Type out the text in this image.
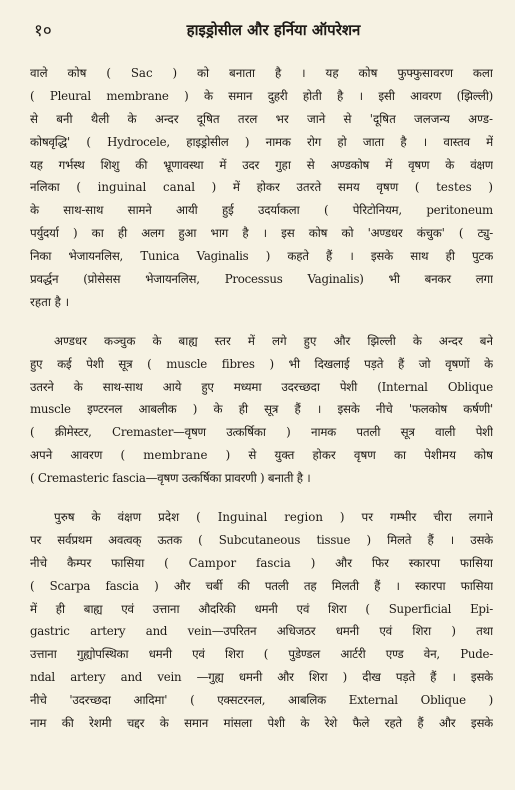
१०	हाइड्रोसील और हर्निया ऑपरेशन
वाले कोष ( Sac ) को बनाता है । यह कोष फुफ्फुसावरण कला
( Pleural membrane ) के समान दुहरी होती है । इसी आवरण (झिल्ली)
से बनी थैली के अन्दर दूषित तरल भर जाने से 'दूषित जलजन्य अण्ड-
कोषवृद्धि' ( Hydrocele, हाइड्रोसील ) नामक रोग हो जाता है । वास्तव में
यह गर्भस्थ शिशु की भ्रूणावस्था में उदर गुहा से अण्डकोष में वृषण के वंक्षण
नलिका ( inguinal canal ) में होकर उतरते समय वृषण ( testes )
के साथ-साथ सामने आयी हुई उदर्याकला ( पेरिटोनियम, peritoneum
पर्युदर्या ) का ही अलग हुआ भाग है । इस कोष को 'अण्डधर कंचुक' ( ट्यु-
निका भेजायनलिस, Tunica Vaginalis ) कहते हैं । इसके साथ ही पुटक
प्रवर्द्धन (प्रोसेसस भेजायनलिस, Processus Vaginalis) भी बनकर लगा
रहता है ।
अण्डधर कञ्चुक के बाह्य स्तर में लगे हुए और झिल्ली के अन्दर बने
हुए कई पेशी सूत्र ( muscle fibres ) भी दिखलाई पड़ते हैं जो वृषणों के
उतरने के साथ-साथ आये हुए मध्यमा उदरच्छदा पेशी (Internal Oblique
muscle इण्टरनल आबलीक ) के ही सूत्र हैं । इसके नीचे 'फलकोष कर्षणी'
( क्रीमेस्टर, Cremaster—वृषण उत्कर्षिका ) नामक पतली सूत्र वाली पेशी
अपने आवरण ( membrane ) से युक्त होकर वृषण का पेशीमय कोष
( Cremasteric fascia—वृषण उत्कर्षिका प्रावरणी ) बनाती है ।
पुरुष के वंक्षण प्रदेश ( Inguinal region ) पर गम्भीर चीरा लगाने
पर सर्वप्रथम अवत्वक् ऊतक ( Subcutaneous tissue ) मिलते हैं । उसके
नीचे कैम्पर फासिया ( Campor fascia ) और फिर स्कारपा फासिया
( Scarpa fascia ) और चर्बी की पतली तह मिलती हैं । स्कारपा फासिया
में ही बाह्य एवं उत्ताना औदरिकी धमनी एवं शिरा ( Superficial Epi-
gastric artery and vein—उपरितन अधिजठर धमनी एवं शिरा ) तथा
उत्ताना गुह्योपस्थिका धमनी एवं शिरा ( पुडेण्डल आर्टरी एण्ड वेन, Pude-
ndal artery and vein —गुह्य धमनी और शिरा ) दीख पड़ते हैं । इसके
नीचे 'उदरच्छदा आदिमा' ( एक्सटरनल, आबलिक External Oblique )
नाम की रेशमी चद्दर के समान मांसला पेशी के रेशे फैले रहते हैं और इसके
